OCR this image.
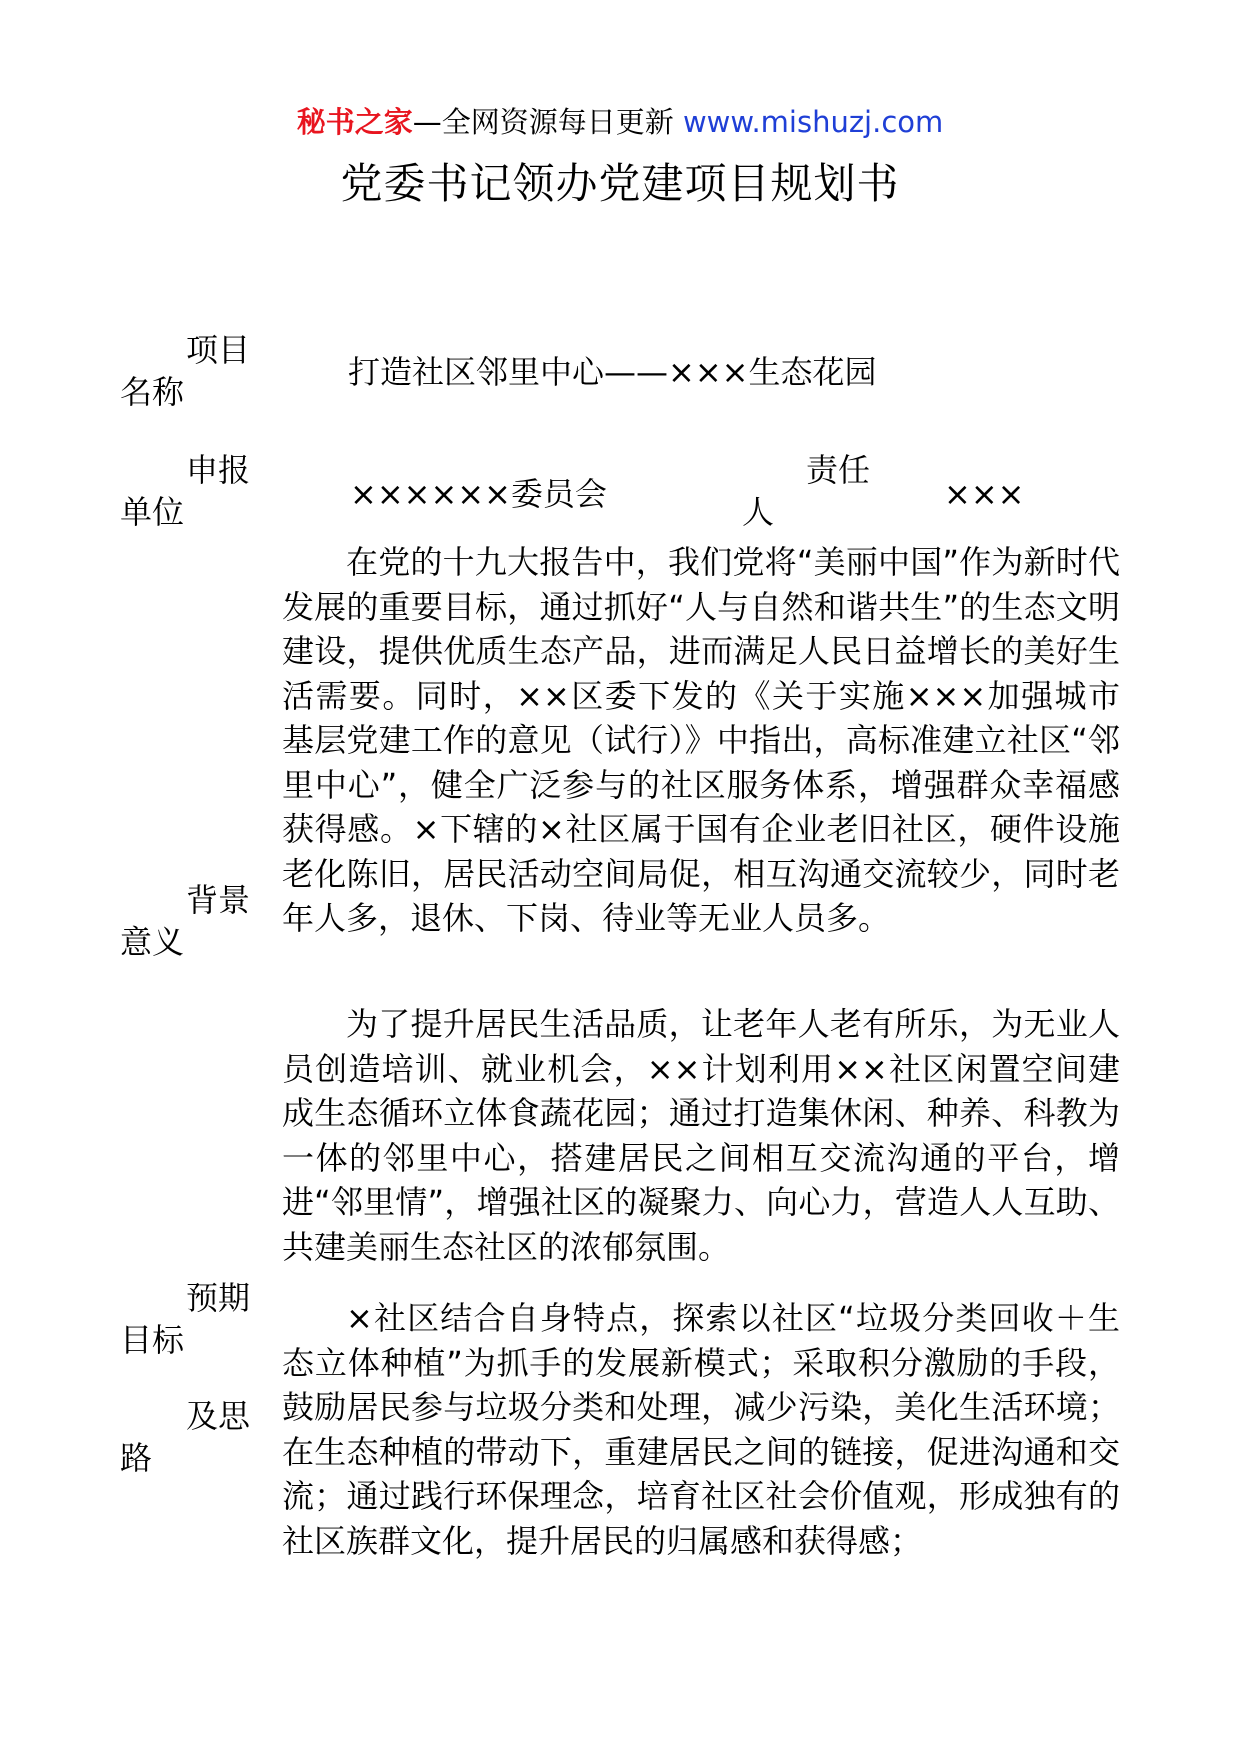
秘书之家—全网资源每日更新 www.mishuzj.com
党委书记领办党建项目规划书
项目
名称
打造社区邻里中心——×××生态花园
申报
单位	××××××委员会
责任
人	×××

在党的十九大报告中，我们党将“美丽中国”作为新时代发展的重要目标，通过抓好“人与自然和谐共生”的生态文明建设，提供优质生态产品，进而满足人民日益增长的美好生活需要。同时，××区委下发的《关于实施×××加强城市基层党建工作的意见（试行）》中指出，高标准建立社区“邻里中心”，健全广泛参与的社区服务体系，增强群众幸福感获得感。×下辖的×社区属于国有企业老旧社区，硬件设施老化陈旧，居民活动空间局促，相互沟通交流较少，同时老年人多，退休、下岗、待业等无业人员多。

背景
意义

为了提升居民生活品质，让老年人老有所乐，为无业人员创造培训、就业机会，××计划利用××社区闲置空间建成生态循环立体食蔬花园；通过打造集休闲、种养、科教为一体的邻里中心，搭建居民之间相互交流沟通的平台，增进“邻里情”，增强社区的凝聚力、向心力，营造人人互助、共建美丽生态社区的浓郁氛围。

预期
目标
及思
路

×社区结合自身特点，探索以社区“垃圾分类回收＋生态立体种植”为抓手的发展新模式；采取积分激励的手段，鼓励居民参与垃圾分类和处理，减少污染，美化生活环境；在生态种植的带动下，重建居民之间的链接，促进沟通和交流；通过践行环保理念，培育社区社会价值观，形成独有的社区族群文化，提升居民的归属感和获得感；
